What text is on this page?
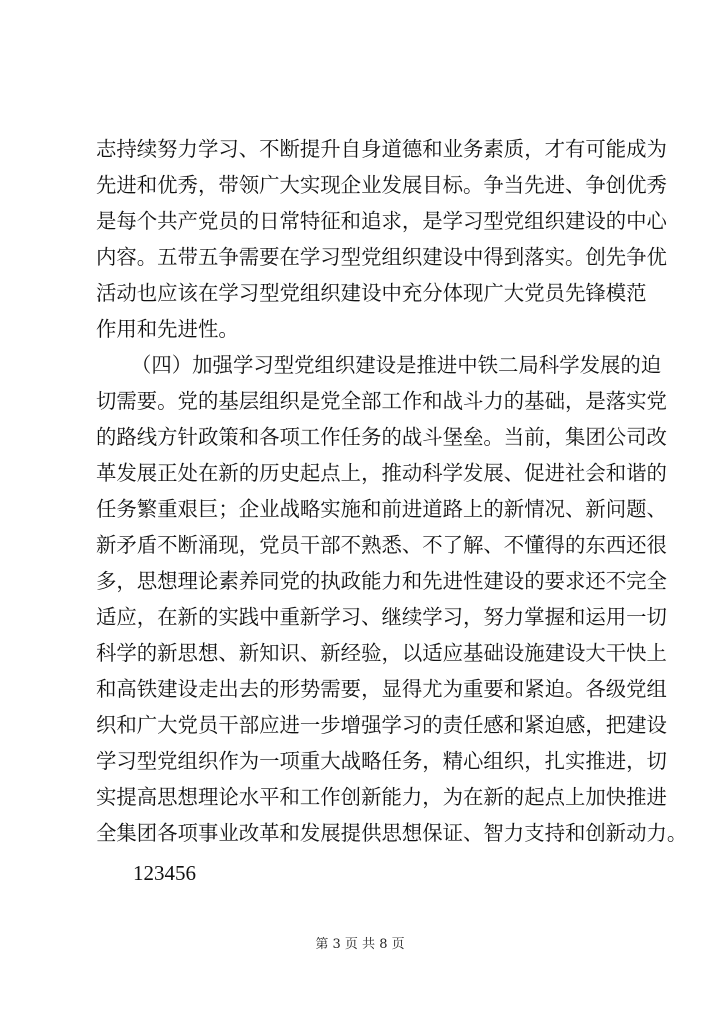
志持续努力学习、不断提升自身道德和业务素质，才有可能成为
先进和优秀，带领广大实现企业发展目标。争当先进、争创优秀
是每个共产党员的日常特征和追求，是学习型党组织建设的中心
内容。五带五争需要在学习型党组织建设中得到落实。创先争优
活动也应该在学习型党组织建设中充分体现广大党员先锋模范
作用和先进性。
（四）加强学习型党组织建设是推进中铁二局科学发展的迫
切需要。党的基层组织是党全部工作和战斗力的基础，是落实党
的路线方针政策和各项工作任务的战斗堡垒。当前，集团公司改
革发展正处在新的历史起点上，推动科学发展、促进社会和谐的
任务繁重艰巨；企业战略实施和前进道路上的新情况、新问题、
新矛盾不断涌现，党员干部不熟悉、不了解、不懂得的东西还很
多，思想理论素养同党的执政能力和先进性建设的要求还不完全
适应，在新的实践中重新学习、继续学习，努力掌握和运用一切
科学的新思想、新知识、新经验，以适应基础设施建设大干快上
和高铁建设走出去的形势需要，显得尤为重要和紧迫。各级党组
织和广大党员干部应进一步增强学习的责任感和紧迫感，把建设
学习型党组织作为一项重大战略任务，精心组织，扎实推进，切
实提高思想理论水平和工作创新能力，为在新的起点上加快推进
全集团各项事业改革和发展提供思想保证、智力支持和创新动力。
123456
第 3 页 共 8 页
